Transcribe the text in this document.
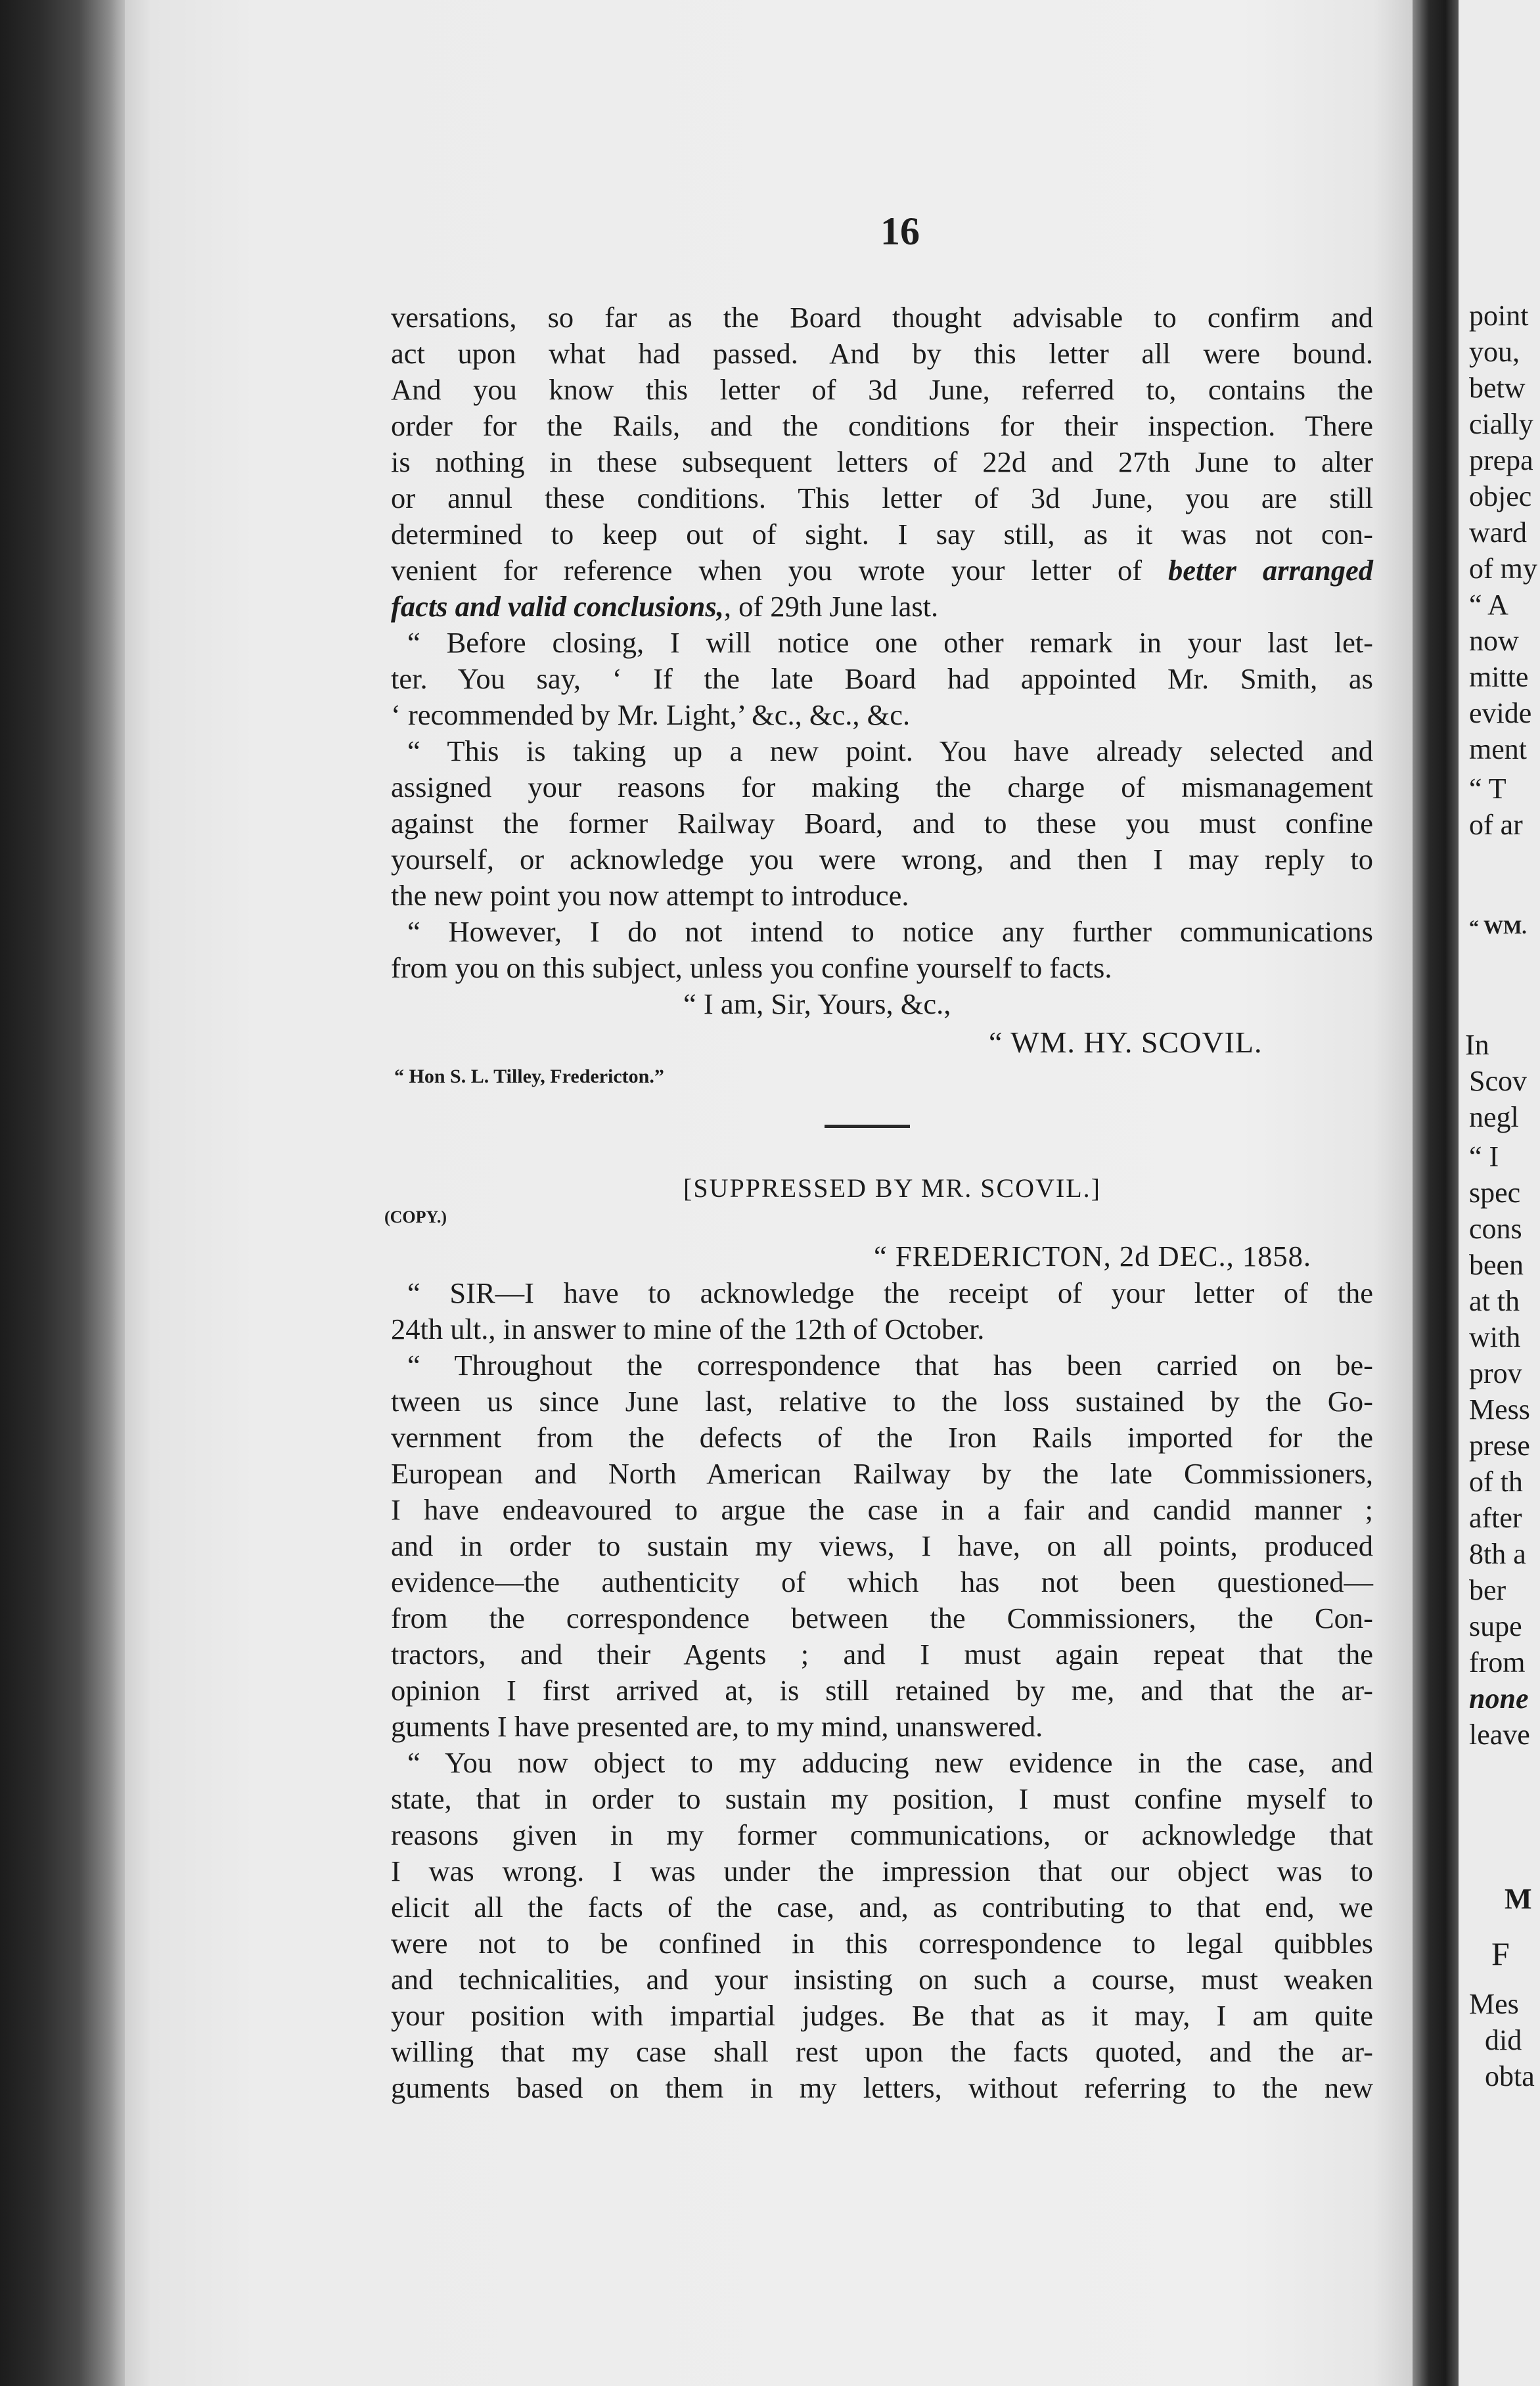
16
versations, so far as the Board thought advisable to confirm and
act upon what had passed. And by this letter all were bound.
And you know this letter of 3d June, referred to, contains the
order for the Rails, and the conditions for their inspection. There
is nothing in these subsequent letters of 22d and 27th June to alter
or annul these conditions. This letter of 3d June, you are still
determined to keep out of sight. I say still, as it was not con-
venient for reference when you wrote your letter of better arranged
facts and valid conclusions,, of 29th June last.
“ Before closing, I will notice one other remark in your last let-
ter. You say, ‘ If the late Board had appointed Mr. Smith, as
‘ recommended by Mr. Light,’ &c., &c., &c.
“ This is taking up a new point. You have already selected and
assigned your reasons for making the charge of mismanagement
against the former Railway Board, and to these you must confine
yourself, or acknowledge you were wrong, and then I may reply to
the new point you now attempt to introduce.
“ However, I do not intend to notice any further communications
from you on this subject, unless you confine yourself to facts.
“ I am, Sir, Yours, &c.,
“ WM. HY. SCOVIL.
“ Hon S. L. Tilley, Fredericton.”
[SUPPRESSED BY MR. SCOVIL.]
(COPY.)
“ FREDERICTON, 2d DEC., 1858.
“ SIR—I have to acknowledge the receipt of your letter of the
24th ult., in answer to mine of the 12th of October.
“ Throughout the correspondence that has been carried on be-
tween us since June last, relative to the loss sustained by the Go-
vernment from the defects of the Iron Rails imported for the
European and North American Railway by the late Commissioners,
I have endeavoured to argue the case in a fair and candid manner ;
and in order to sustain my views, I have, on all points, produced
evidence—the authenticity of which has not been questioned—
from the correspondence between the Commissioners, the Con-
tractors, and their Agents ; and I must again repeat that the
opinion I first arrived at, is still retained by me, and that the ar-
guments I have presented are, to my mind, unanswered.
“ You now object to my adducing new evidence in the case, and
state, that in order to sustain my position, I must confine myself to
reasons given in my former communications, or acknowledge that
I was wrong. I was under the impression that our object was to
elicit all the facts of the case, and, as contributing to that end, we
were not to be confined in this correspondence to legal quibbles
and technicalities, and your insisting on such a course, must weaken
your position with impartial judges. Be that as it may, I am quite
willing that my case shall rest upon the facts quoted, and the ar-
guments based on them in my letters, without referring to the new
point
you,
betw
cially
prepa
objec
ward
of my
“ A
now
mitte
evide
ment
“ T
of ar
“ WM.
In
Scov
negl
“ I
spec
cons
been
at th
with
prov
Mess
prese
of th
after
8th a
ber
supe
from
none
leave
M
F
Mes
did
obta
